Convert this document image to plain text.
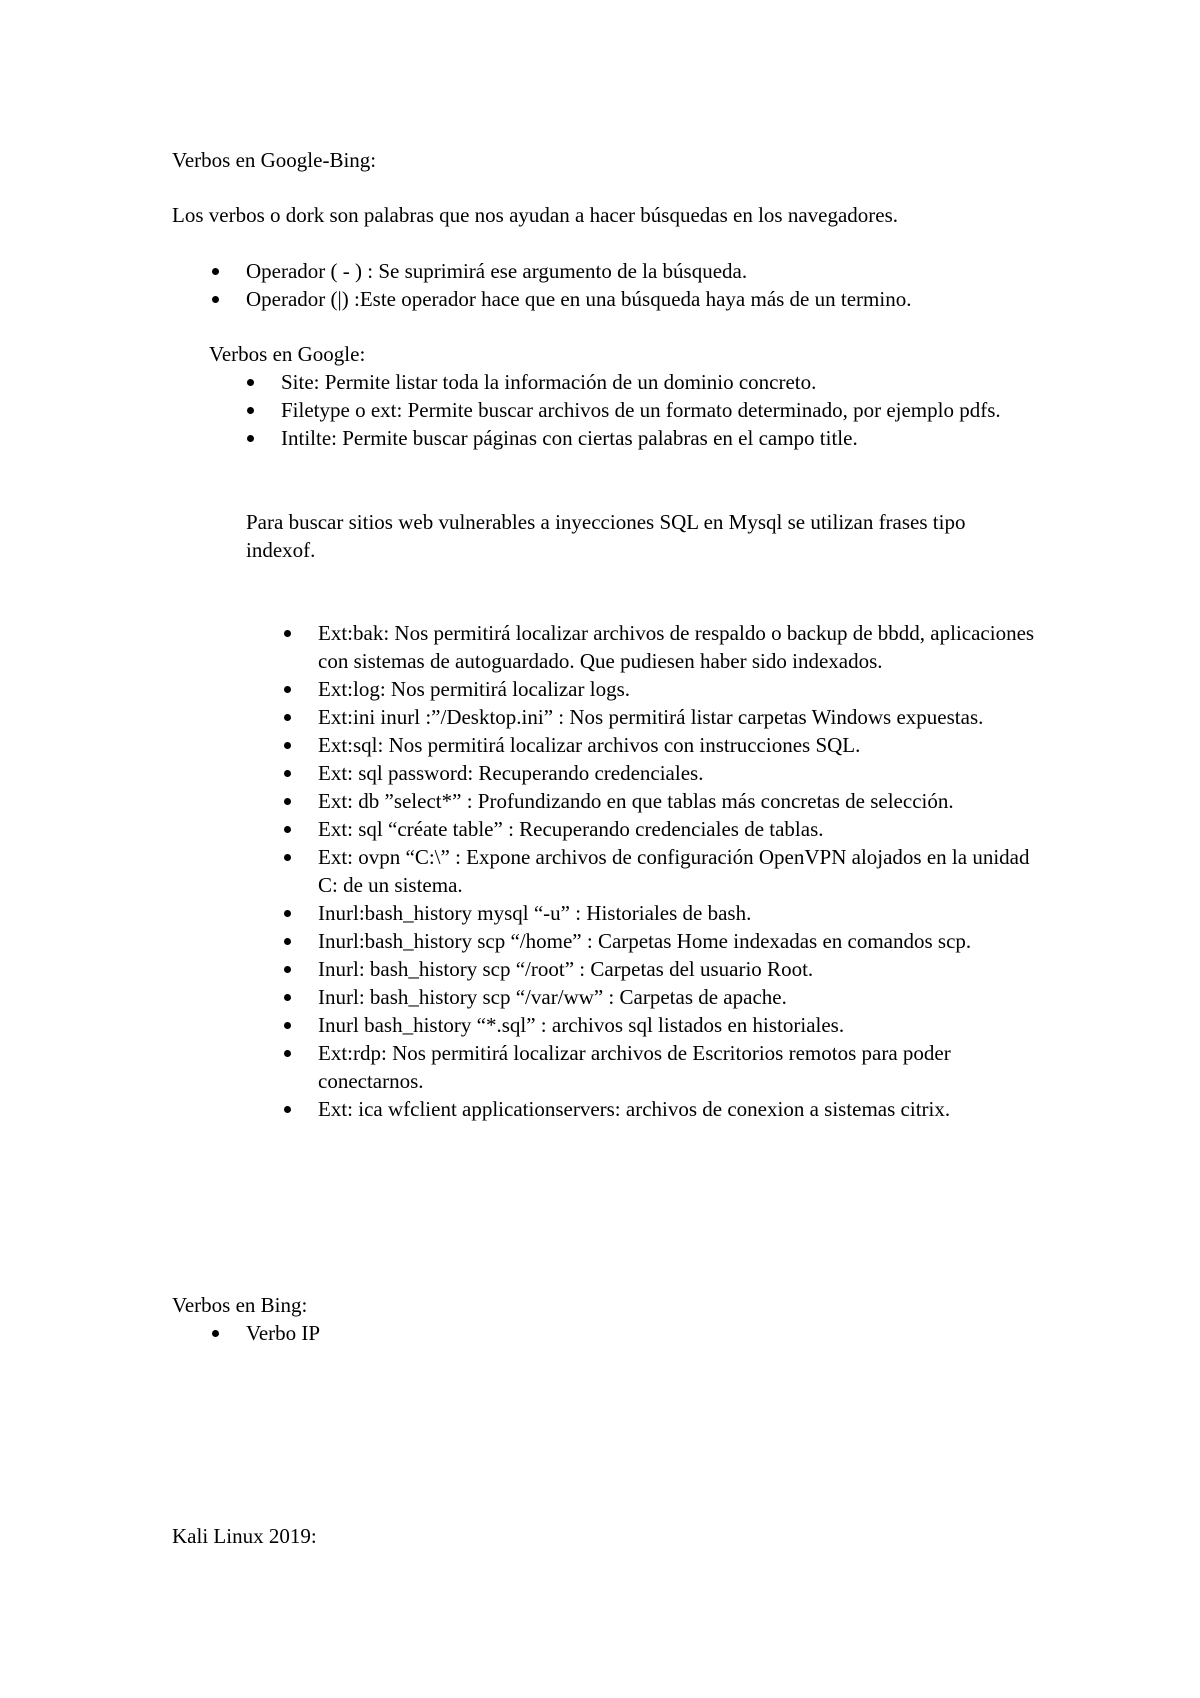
Verbos en Google-Bing:
Los verbos o dork son palabras que nos ayudan a hacer búsquedas en los navegadores.
Operador ( - ) : Se suprimirá ese argumento de la búsqueda.
Operador (|) :Este operador hace que en una búsqueda haya más de un termino.
Verbos en Google:
Site: Permite listar toda la información de un dominio concreto.
Filetype o ext: Permite buscar archivos de un formato determinado, por ejemplo pdfs.
Intilte: Permite buscar páginas con ciertas palabras en el campo title.
Para buscar sitios web vulnerables a inyecciones SQL en Mysql se utilizan frases tipo indexof.
Ext:bak: Nos permitirá localizar archivos de respaldo o backup de bbdd, aplicaciones con sistemas de autoguardado. Que pudiesen haber sido indexados.
Ext:log: Nos permitirá localizar logs.
Ext:ini inurl :”/Desktop.ini” : Nos permitirá listar carpetas Windows expuestas.
Ext:sql: Nos permitirá localizar archivos con instrucciones SQL.
Ext: sql password: Recuperando credenciales.
Ext: db ”select*” : Profundizando en que tablas más concretas de selección.
Ext: sql “créate table” : Recuperando credenciales de tablas.
Ext: ovpn “C:\” : Expone archivos de configuración OpenVPN alojados en la unidad C: de un sistema.
Inurl:bash_history mysql “-u” : Historiales de bash.
Inurl:bash_history scp “/home” : Carpetas Home indexadas en comandos scp.
Inurl: bash_history scp “/root” : Carpetas del usuario Root.
Inurl: bash_history scp “/var/ww” : Carpetas de apache.
Inurl bash_history “*.sql” : archivos sql listados en historiales.
Ext:rdp: Nos permitirá localizar archivos de Escritorios remotos para poder conectarnos.
Ext: ica wfclient applicationservers: archivos de conexion a sistemas citrix.
Verbos en Bing:
Verbo IP
Kali Linux 2019:
